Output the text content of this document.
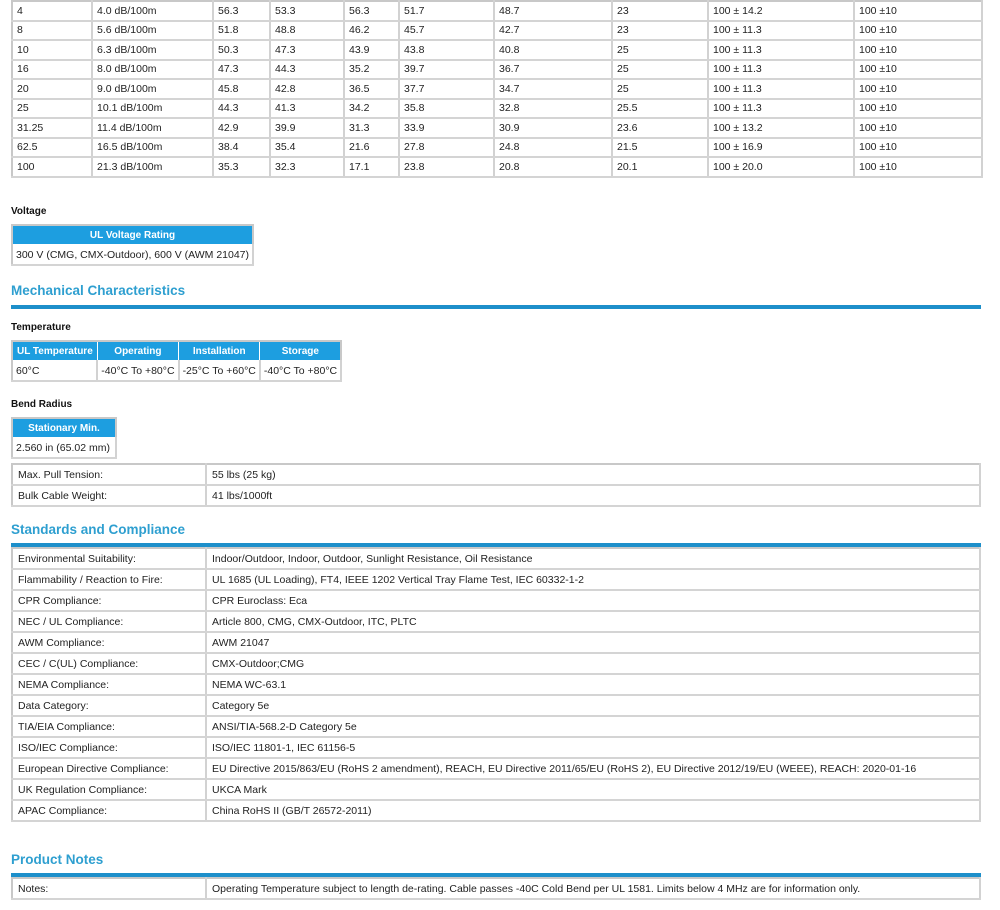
4	4.0 dB/100m	56.3	53.3	56.3	51.7	48.7	23	100 ± 14.2	100 ±10
8	5.6 dB/100m	51.8	48.8	46.2	45.7	42.7	23	100 ± 11.3	100 ±10
10	6.3 dB/100m	50.3	47.3	43.9	43.8	40.8	25	100 ± 11.3	100 ±10
16	8.0 dB/100m	47.3	44.3	35.2	39.7	36.7	25	100 ± 11.3	100 ±10
20	9.0 dB/100m	45.8	42.8	36.5	37.7	34.7	25	100 ± 11.3	100 ±10
25	10.1 dB/100m	44.3	41.3	34.2	35.8	32.8	25.5	100 ± 11.3	100 ±10
31.25	11.4 dB/100m	42.9	39.9	31.3	33.9	30.9	23.6	100 ± 13.2	100 ±10
62.5	16.5 dB/100m	38.4	35.4	21.6	27.8	24.8	21.5	100 ± 16.9	100 ±10
100	21.3 dB/100m	35.3	32.3	17.1	23.8	20.8	20.1	100 ± 20.0	100 ±10
Voltage
UL Voltage Rating
300 V (CMG, CMX-Outdoor), 600 V (AWM 21047)
Mechanical Characteristics
Temperature
UL Temperature	Operating	Installation	Storage
60°C	-40°C To +80°C	-25°C To +60°C	-40°C To +80°C
Bend Radius
Stationary Min.
2.560 in (65.02 mm)
Max. Pull Tension:	55 lbs (25 kg)
Bulk Cable Weight:	41 lbs/1000ft
Standards and Compliance
Environmental Suitability:	Indoor/Outdoor, Indoor, Outdoor, Sunlight Resistance, Oil Resistance
Flammability / Reaction to Fire:	UL 1685 (UL Loading), FT4, IEEE 1202 Vertical Tray Flame Test, IEC 60332-1-2
CPR Compliance:	CPR Euroclass: Eca
NEC / UL Compliance:	Article 800, CMG, CMX-Outdoor, ITC, PLTC
AWM Compliance:	AWM 21047
CEC / C(UL) Compliance:	CMX-Outdoor;CMG
NEMA Compliance:	NEMA WC-63.1
Data Category:	Category 5e
TIA/EIA Compliance:	ANSI/TIA-568.2-D Category 5e
ISO/IEC Compliance:	ISO/IEC 11801-1, IEC 61156-5
European Directive Compliance:	EU Directive 2015/863/EU (RoHS 2 amendment), REACH, EU Directive 2011/65/EU (RoHS 2), EU Directive 2012/19/EU (WEEE), REACH: 2020-01-16
UK Regulation Compliance:	UKCA Mark
APAC Compliance:	China RoHS II (GB/T 26572-2011)
Product Notes
Notes:	Operating Temperature subject to length de-rating. Cable passes -40C Cold Bend per UL 1581. Limits below 4 MHz are for information only.
